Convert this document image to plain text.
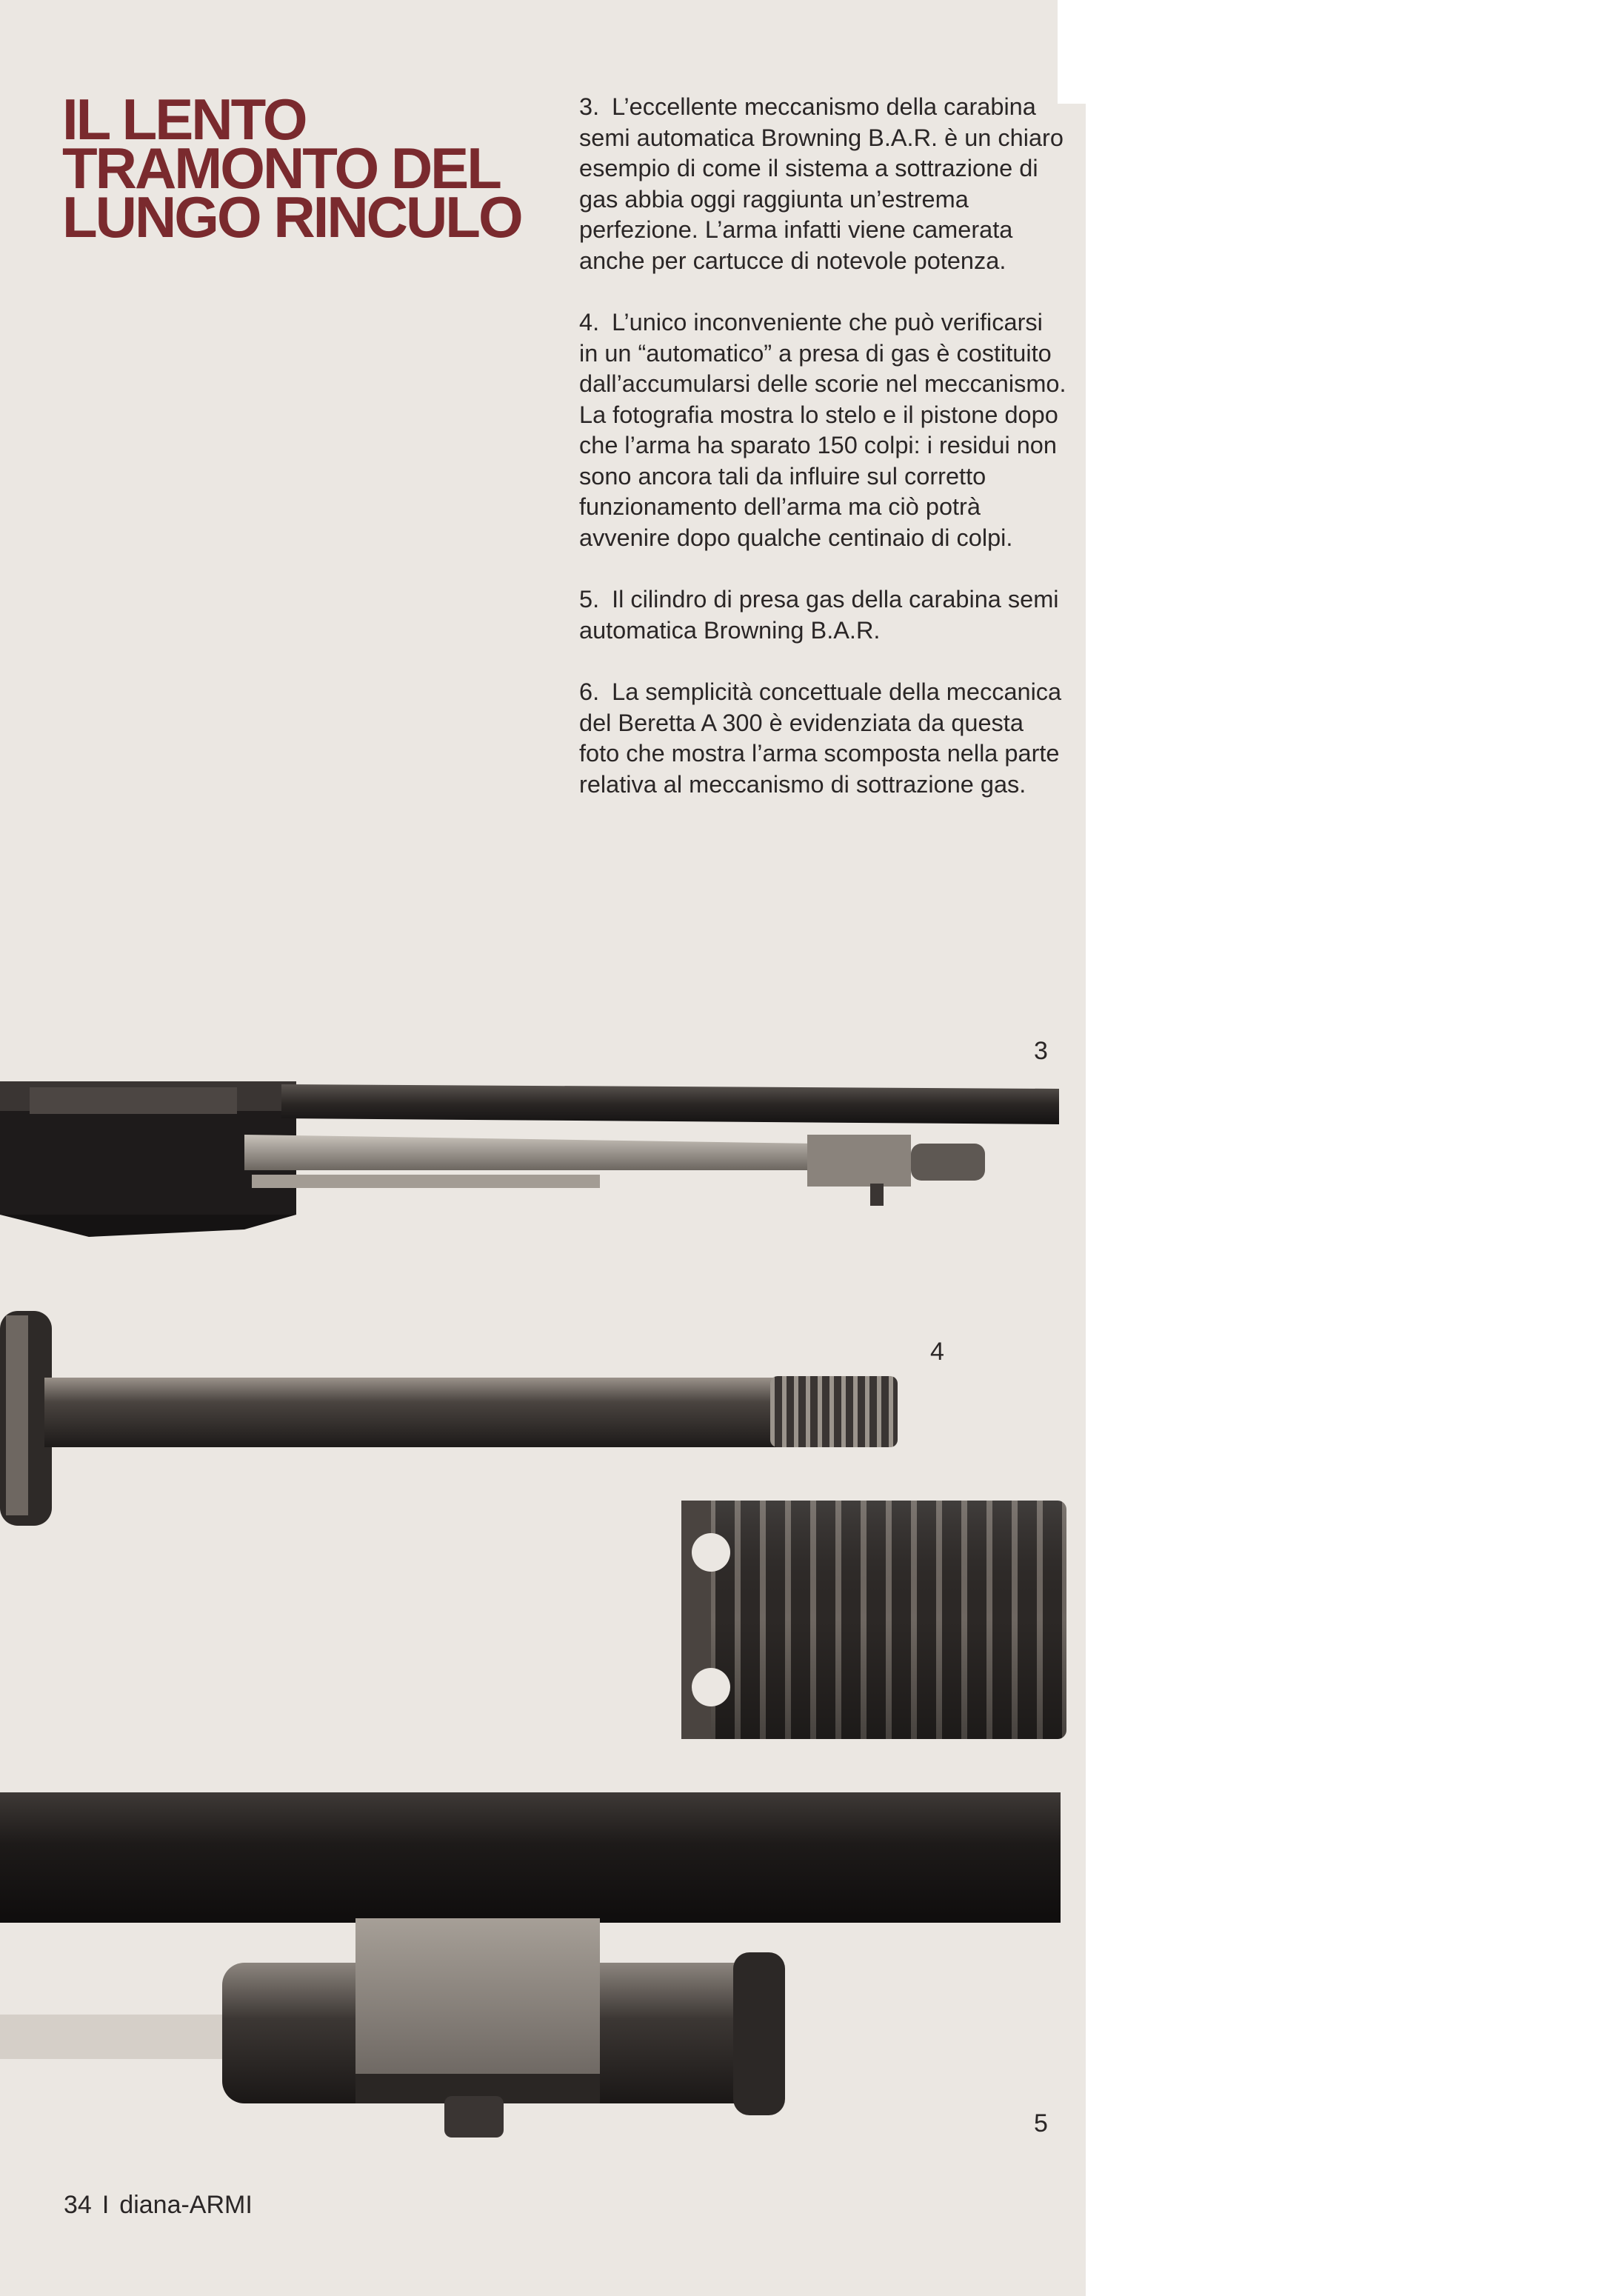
IL LENTO
TRAMONTO DEL
LUNGO RINCULO

3. L’eccellente meccanismo della carabina semi automatica Browning B.A.R. è un chiaro esempio di come il sistema a sottrazione di gas abbia oggi raggiunta un’estrema perfezione. L’arma infatti viene camerata anche per cartucce di notevole potenza.

4. L’unico inconveniente che può verificarsi in un “automatico” a presa di gas è costituito dall’accumularsi delle scorie nel meccanismo. La fotografia mostra lo stelo e il pistone dopo che l’arma ha sparato 150 colpi: i residui non sono ancora tali da influire sul corretto funzionamento dell’arma ma ciò potrà avvenire dopo qualche centinaio di colpi.

5. Il cilindro di presa gas della carabina semi automatica Browning B.A.R.

6. La semplicità concettuale della meccanica del Beretta A 300 è evidenziata da questa foto che mostra l’arma scomposta nella parte relativa al meccanismo di sottrazione gas.

3
4
5
34 I diana-ARMI
